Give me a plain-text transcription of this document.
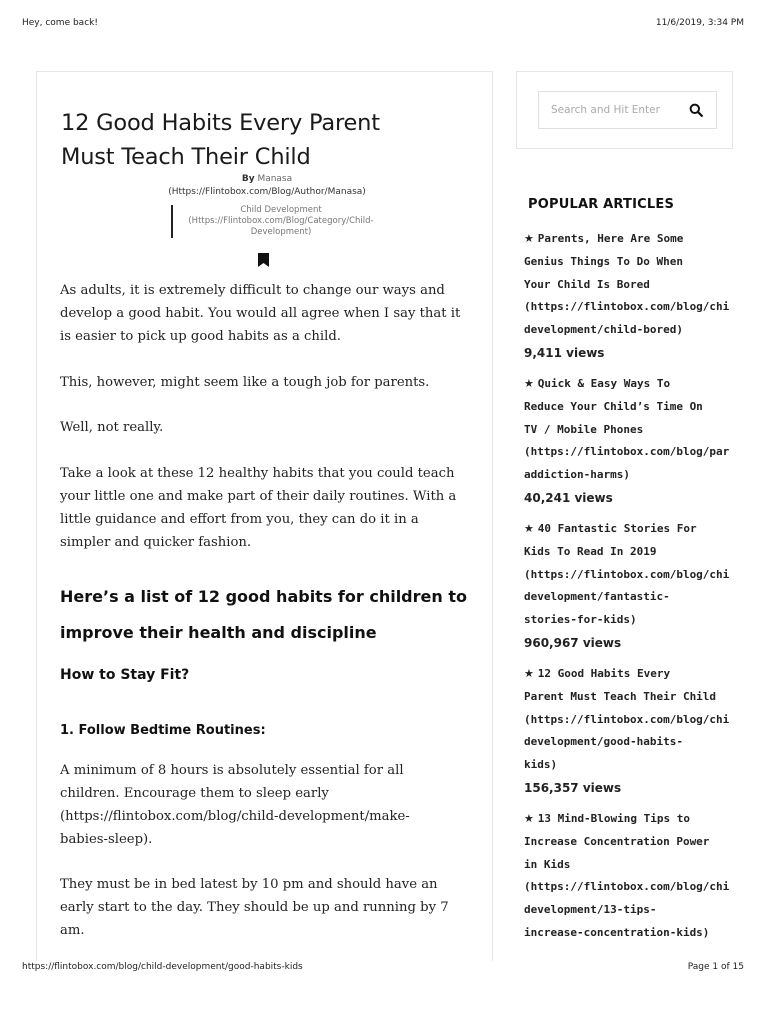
Hey, come back!	11/6/2019, 3:34 PM
12 Good Habits Every Parent
Must Teach Their Child
By Manasa
(Https://Flintobox.com/Blog/Author/Manasa)
Child Development
(Https://Flintobox.com/Blog/Category/Child-
Development)

As adults, it is extremely difficult to change our ways and
develop a good habit. You would all agree when I say that it
is easier to pick up good habits as a child.

This, however, might seem like a tough job for parents.

Well, not really.

Take a look at these 12 healthy habits that you could teach
your little one and make part of their daily routines. With a
little guidance and effort from you, they can do it in a
simpler and quicker fashion.

Here’s a list of 12 good habits for children to
improve their health and discipline
How to Stay Fit?
1. Follow Bedtime Routines:

A minimum of 8 hours is absolutely essential for all
children. Encourage them to sleep early
(https://flintobox.com/blog/child-development/make-
babies-sleep).

They must be in bed latest by 10 pm and should have an
early start to the day. They should be up and running by 7
am.

Search and Hit Enter
POPULAR ARTICLES
★ Parents, Here Are Some
Genius Things To Do When
Your Child Is Bored
(https://flintobox.com/blog/chi
development/child-bored)
9,411 views
★ Quick & Easy Ways To
Reduce Your Child’s Time On
TV / Mobile Phones
(https://flintobox.com/blog/par
addiction-harms)
40,241 views
★ 40 Fantastic Stories For
Kids To Read In 2019
(https://flintobox.com/blog/chi
development/fantastic-
stories-for-kids)
960,967 views
★ 12 Good Habits Every
Parent Must Teach Their Child
(https://flintobox.com/blog/chi
development/good-habits-
kids)
156,357 views
★ 13 Mind-Blowing Tips to
Increase Concentration Power
in Kids
(https://flintobox.com/blog/chi
development/13-tips-
increase-concentration-kids)
https://flintobox.com/blog/child-development/good-habits-kids	Page 1 of 15
